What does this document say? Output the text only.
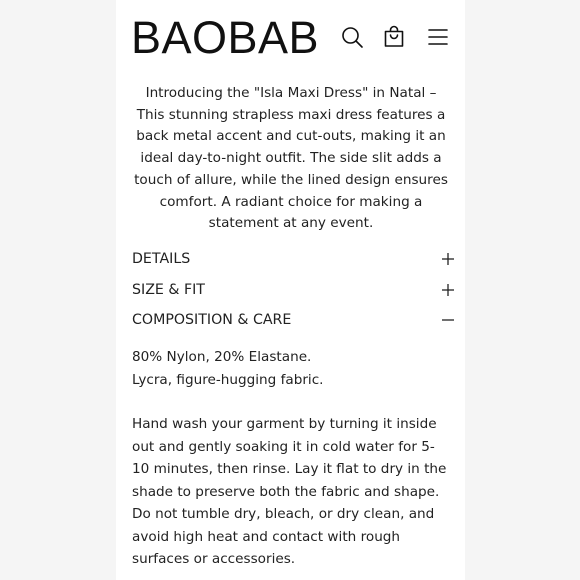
BAOBAB
Introducing the "Isla Maxi Dress" in Natal – This stunning strapless maxi dress features a back metal accent and cut-outs, making it an ideal day-to-night outfit. The side slit adds a touch of allure, while the lined design ensures comfort. A radiant choice for making a statement at any event.
DETAILS
SIZE & FIT
COMPOSITION & CARE

80% Nylon, 20% Elastane.

Lycra, figure-hugging fabric.

Hand wash your garment by turning it inside out and gently soaking it in cold water for 5-10 minutes, then rinse. Lay it flat to dry in the shade to preserve both the fabric and shape. Do not tumble dry, bleach, or dry clean, and avoid high heat and contact with rough surfaces or accessories.
